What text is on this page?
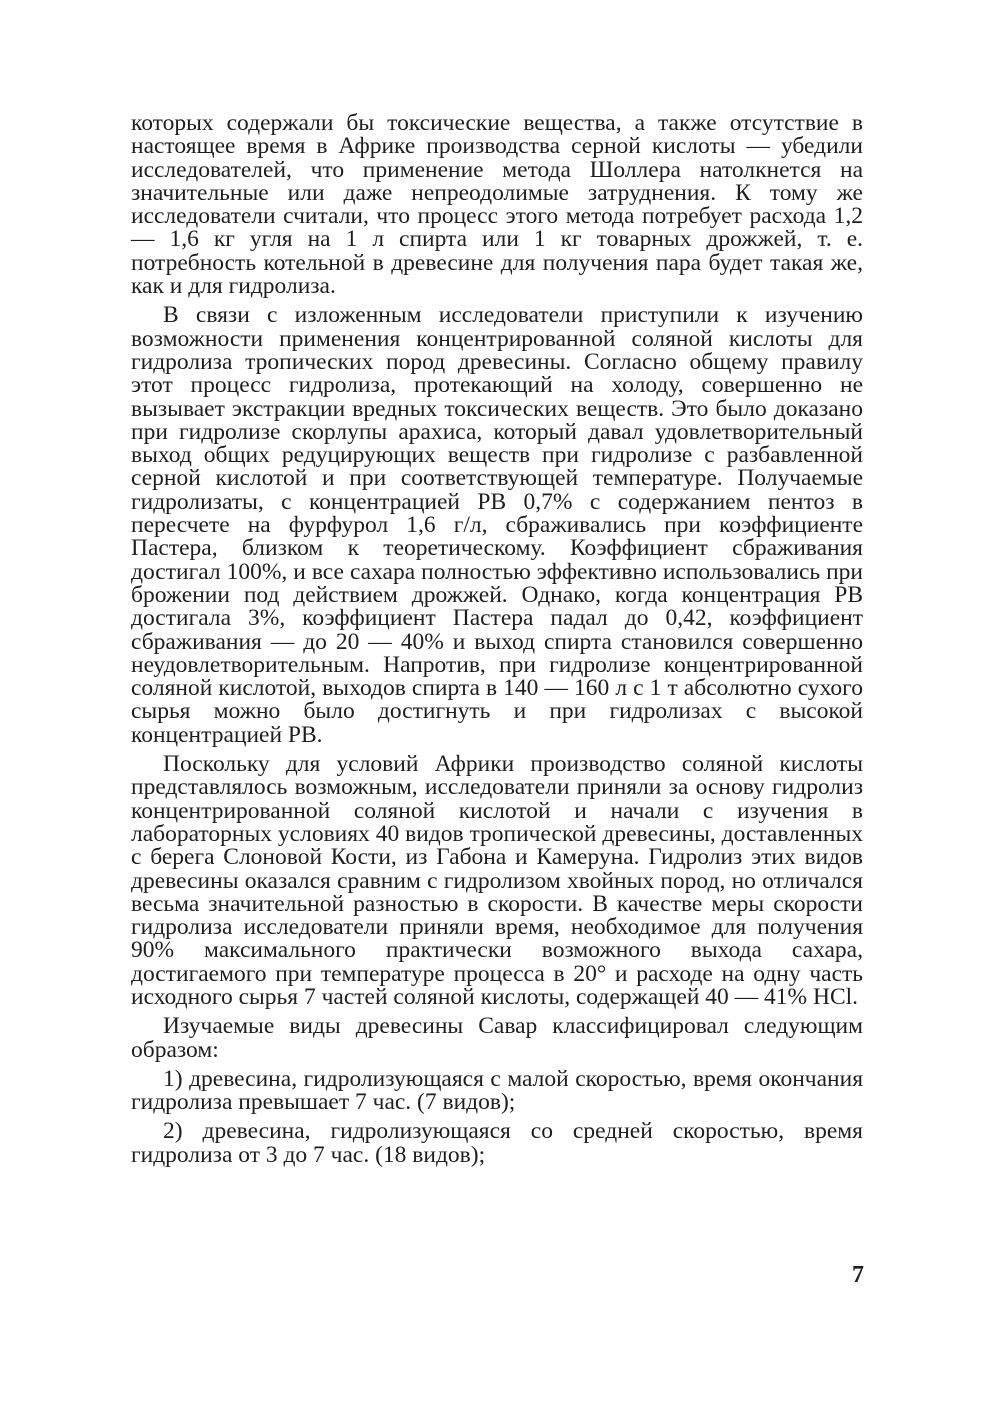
которых содержали бы токсические вещества, а также отсутствие в настоящее время в Африке производства серной кислоты — убедили исследователей, что применение метода Шоллера натолкнется на значительные или даже непреодолимые затруднения. К тому же исследователи считали, что процесс этого метода потребует расхода 1,2 — 1,6 кг угля на 1 л спирта или 1 кг товарных дрожжей, т. е. потребность котельной в древесине для получения пара будет такая же, как и для гидролиза.

В связи с изложенным исследователи приступили к изучению возможности применения концентрированной соляной кислоты для гидролиза тропических пород древесины. Согласно общему правилу этот процесс гидролиза, протекающий на холоду, совершенно не вызывает экстракции вредных токсических веществ. Это было доказано при гидролизе скорлупы арахиса, который давал удовлетворительный выход общих редуцирующих веществ при гидролизе с разбавленной серной кислотой и при соответствующей температуре. Получаемые гидролизаты, с концентрацией РВ 0,7% с содержанием пентоз в пересчете на фурфурол 1,6 г/л, сбраживались при коэффициенте Пастера, близком к теоретическому. Коэффициент сбраживания достигал 100%, и все сахара полностью эффективно использовались при брожении под действием дрожжей. Однако, когда концентрация РВ достигала 3%, коэффициент Пастера падал до 0,42, коэффициент сбраживания — до 20 — 40% и выход спирта становился совершенно неудовлетворительным. Напротив, при гидролизе концентрированной соляной кислотой, выходов спирта в 140 — 160 л с 1 т абсолютно сухого сырья можно было достигнуть и при гидролизах с высокой концентрацией РВ.

Поскольку для условий Африки производство соляной кислоты представлялось возможным, исследователи приняли за основу гидролиз концентрированной соляной кислотой и начали с изучения в лабораторных условиях 40 видов тропической древесины, доставленных с берега Слоновой Кости, из Габона и Камеруна. Гидролиз этих видов древесины оказался сравним с гидролизом хвойных пород, но отличался весьма значительной разностью в скорости. В качестве меры скорости гидролиза исследователи приняли время, необходимое для получения 90% максимального практически возможного выхода сахара, достигаемого при температуре процесса в 20° и расходе на одну часть исходного сырья 7 частей соляной кислоты, содержащей 40 — 41% HCl.

Изучаемые виды древесины Савар классифицировал следующим образом:

1) древесина, гидролизующаяся с малой скоростью, время окончания гидролиза превышает 7 час. (7 видов);

2) древесина, гидролизующаяся со средней скоростью, время гидролиза от 3 до 7 час. (18 видов);

7
